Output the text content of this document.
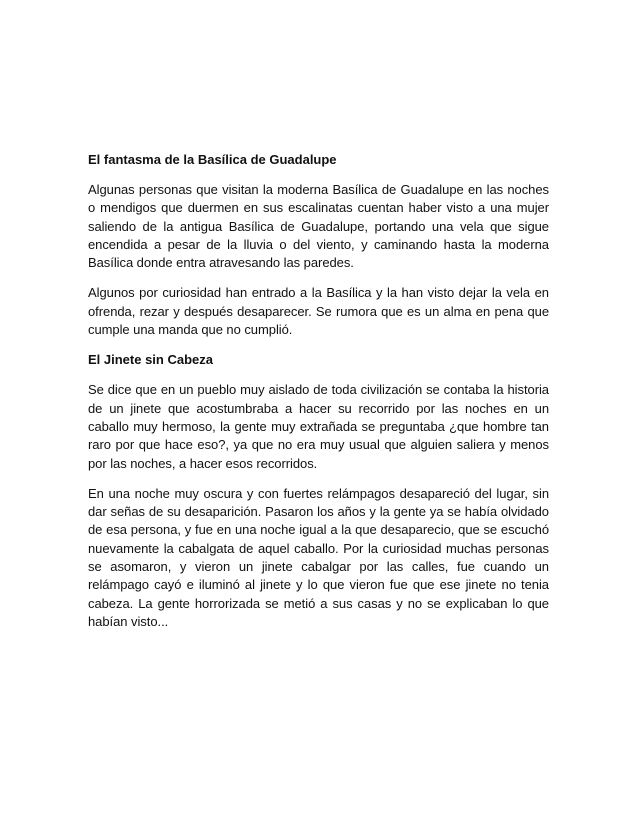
El fantasma de la Basílica de Guadalupe

Algunas personas que visitan la moderna Basílica de Guadalupe en las noches o mendigos que duermen en sus escalinatas cuentan haber visto a una mujer saliendo de la antigua Basílica de Guadalupe, portando una vela que sigue encendida a pesar de la lluvia o del viento, y caminando hasta la moderna Basílica donde entra atravesando las paredes.

Algunos por curiosidad han entrado a la Basílica y la han visto dejar la vela en ofrenda, rezar y después desaparecer. Se rumora que es un alma en pena que cumple una manda que no cumplió.

El Jinete sin Cabeza

Se dice que en un pueblo muy aislado de toda civilización se contaba la historia de un jinete que acostumbraba a hacer su recorrido por las noches en un caballo muy hermoso, la gente muy extrañada se preguntaba ¿que hombre tan raro por que hace eso?, ya que no era muy usual que alguien saliera y menos por las noches, a hacer esos recorridos.

En una noche muy oscura y con fuertes relámpagos desapareció del lugar, sin dar señas de su desaparición. Pasaron los años y la gente ya se había olvidado de esa persona, y fue en una noche igual a la que desaparecio, que se escuchó nuevamente la cabalgata de aquel caballo. Por la curiosidad muchas personas se asomaron, y vieron un jinete cabalgar por las calles, fue cuando un relámpago cayó e iluminó al jinete y lo que vieron fue que ese jinete no tenia cabeza. La gente horrorizada se metió a sus casas y no se explicaban lo que habían visto...
